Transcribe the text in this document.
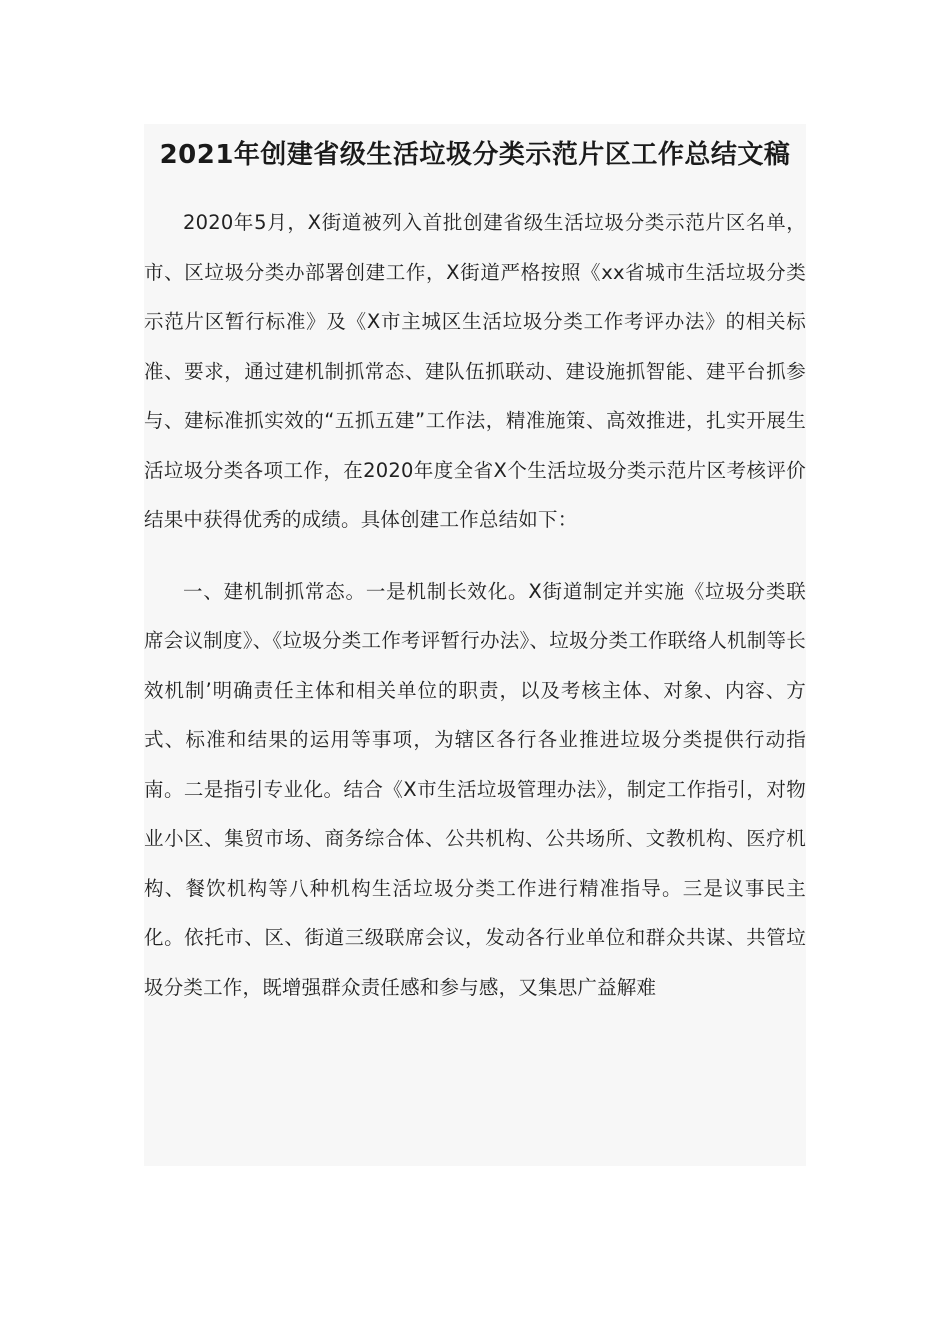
2021年创建省级生活垃圾分类示范片区工作总结文稿

2020年5月，X街道被列入首批创建省级生活垃圾分类示范片区名单，市、区垃圾分类办部署创建工作，X街道严格按照《xx省城市生活垃圾分类示范片区暂行标准》及《X市主城区生活垃圾分类工作考评办法》的相关标准、要求，通过建机制抓常态、建队伍抓联动、建设施抓智能、建平台抓参与、建标准抓实效的“五抓五建”工作法，精准施策、高效推进，扎实开展生活垃圾分类各项工作，在2020年度全省X个生活垃圾分类示范片区考核评价结果中获得优秀的成绩。具体创建工作总结如下：

一、建机制抓常态。一是机制长效化。X街道制定并实施《垃圾分类联席会议制度》、《垃圾分类工作考评暂行办法》、垃圾分类工作联络人机制等长效机制’明确责任主体和相关单位的职责，以及考核主体、对象、内容、方式、标准和结果的运用等事项，为辖区各行各业推进垃圾分类提供行动指南。二是指引专业化。结合《X市生活垃圾管理办法》，制定工作指引，对物业小区、集贸市场、商务综合体、公共机构、公共场所、文教机构、医疗机构、餐饮机构等八种机构生活垃圾分类工作进行精准指导。三是议事民主化。依托市、区、街道三级联席会议，发动各行业单位和群众共谋、共管垃圾分类工作，既增强群众责任感和参与感，又集思广益解难
